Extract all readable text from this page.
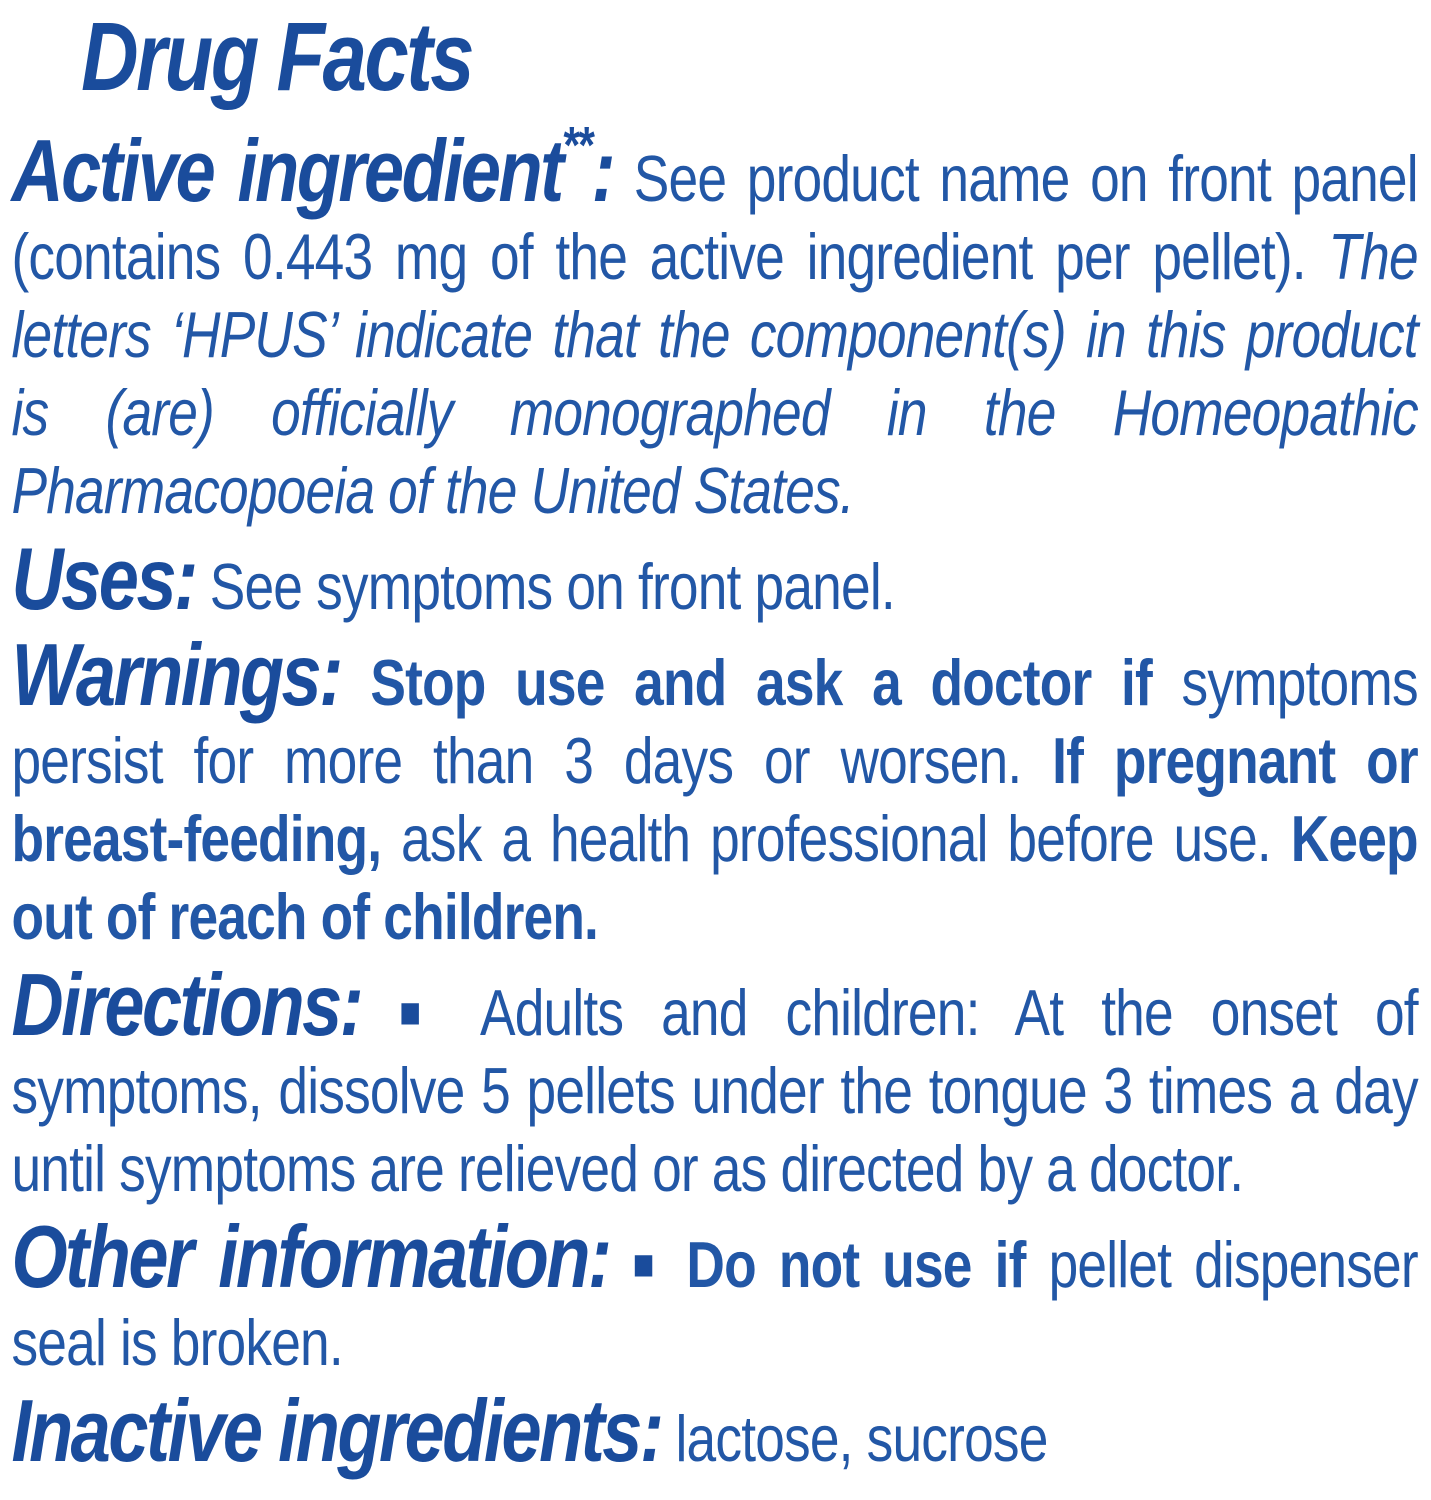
Drug Facts

Active ingredient**: See product name on front panel (contains 0.443 mg of the active ingredient per pellet). The letters ‘HPUS’ indicate that the component(s) in this product is (are) officially monographed in the Homeopathic Pharmacopoeia of the United States.

Uses: See symptoms on front panel.

Warnings: Stop use and ask a doctor if symptoms persist for more than 3 days or worsen. If pregnant or breast-feeding, ask a health professional before use. Keep out of reach of children.

Directions: ■ Adults and children: At the onset of symptoms, dissolve 5 pellets under the tongue 3 times a day until symptoms are relieved or as directed by a doctor.

Other information: ■ Do not use if pellet dispenser seal is broken.

Inactive ingredients: lactose, sucrose
